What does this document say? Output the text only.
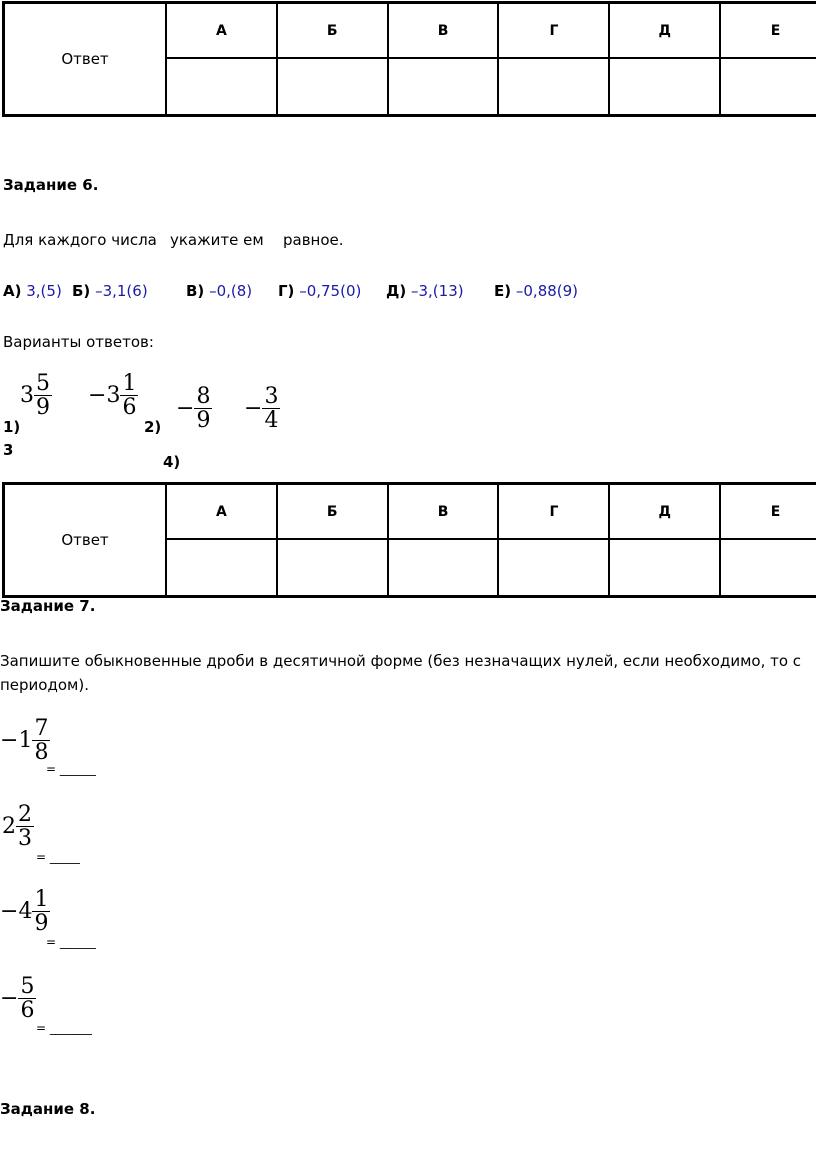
Ответ	А	Б	В	Г	Д	Е

Задание 6.
Для каждого числа укажите ем равное.
А) 3,(5) Б) –3,1(6)	В) –0,(8) Г) –0,75(0) Д) –3,(13) Е) –0,88(9)
Варианты ответов:
$3 \frac{5}{9} - 3 \frac{1}{6} - \frac{8}{9} - \frac{3}{4}$
1)	2)
3
4)
Ответ	А	Б	В	Г	Д	Е

Задание 7.
Запишите обыкновенные дроби в десятичной форме (без незначащих нулей, если необходимо, то с
периодом).
− $1 \frac{7}{8}$
= ______
$2 \frac{2}{3}$
= _____
− $4 \frac{1}{9}$
= ______
− $\frac{5}{6}$
= _______
Задание 8.
